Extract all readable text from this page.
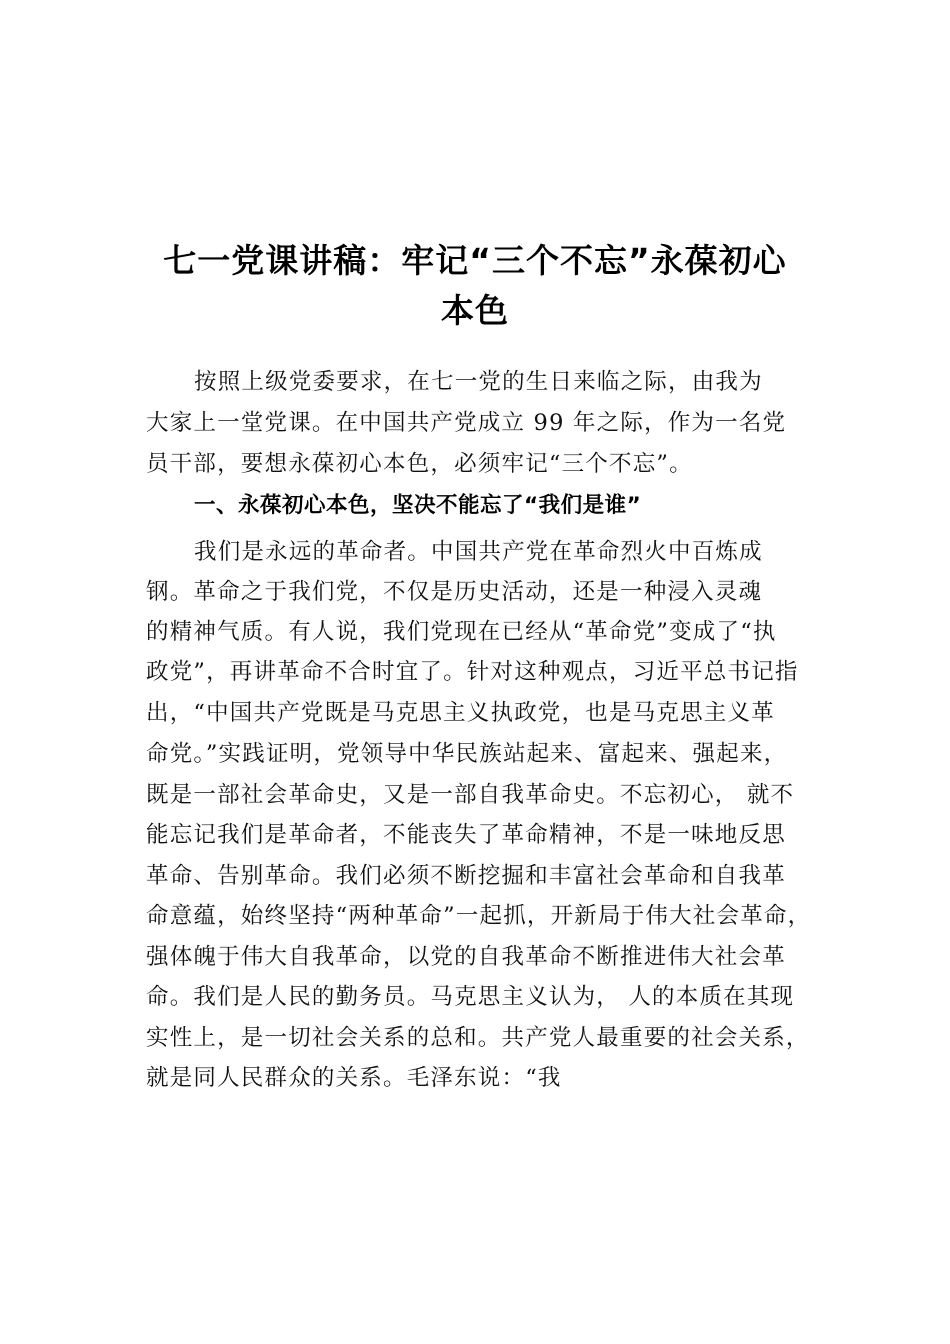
七一党课讲稿：牢记“三个不忘”永葆初心
本色

按照上级党委要求，在七一党的生日来临之际，由我为

大家上一堂党课。在中国共产党成立 99 年之际，作为一名党

员干部，要想永葆初心本色，必须牢记“三个不忘”。

一、永葆初心本色，坚决不能忘了“我们是谁”

我们是永远的革命者。中国共产党在革命烈火中百炼成

钢。革命之于我们党，不仅是历史活动，还是一种浸入灵魂

的精神气质。有人说，我们党现在已经从“革命党”变成了“执

政党”，再讲革命不合时宜了。针对这种观点，习近平总书记指

出，“中国共产党既是马克思主义执政党，也是马克思主义革

命党。”实践证明，党领导中华民族站起来、富起来、强起来，

既是一部社会革命史，又是一部自我革命史。不忘初心， 就不

能忘记我们是革命者，不能丧失了革命精神，不是一味地反思

革命、告别革命。我们必须不断挖掘和丰富社会革命和自我革

命意蕴，始终坚持“两种革命”一起抓，开新局于伟大社会革命，

强体魄于伟大自我革命，以党的自我革命不断推进伟大社会革

命。我们是人民的勤务员。马克思主义认为， 人的本质在其现

实性上，是一切社会关系的总和。共产党人最重要的社会关系，

就是同人民群众的关系。毛泽东说：“我
